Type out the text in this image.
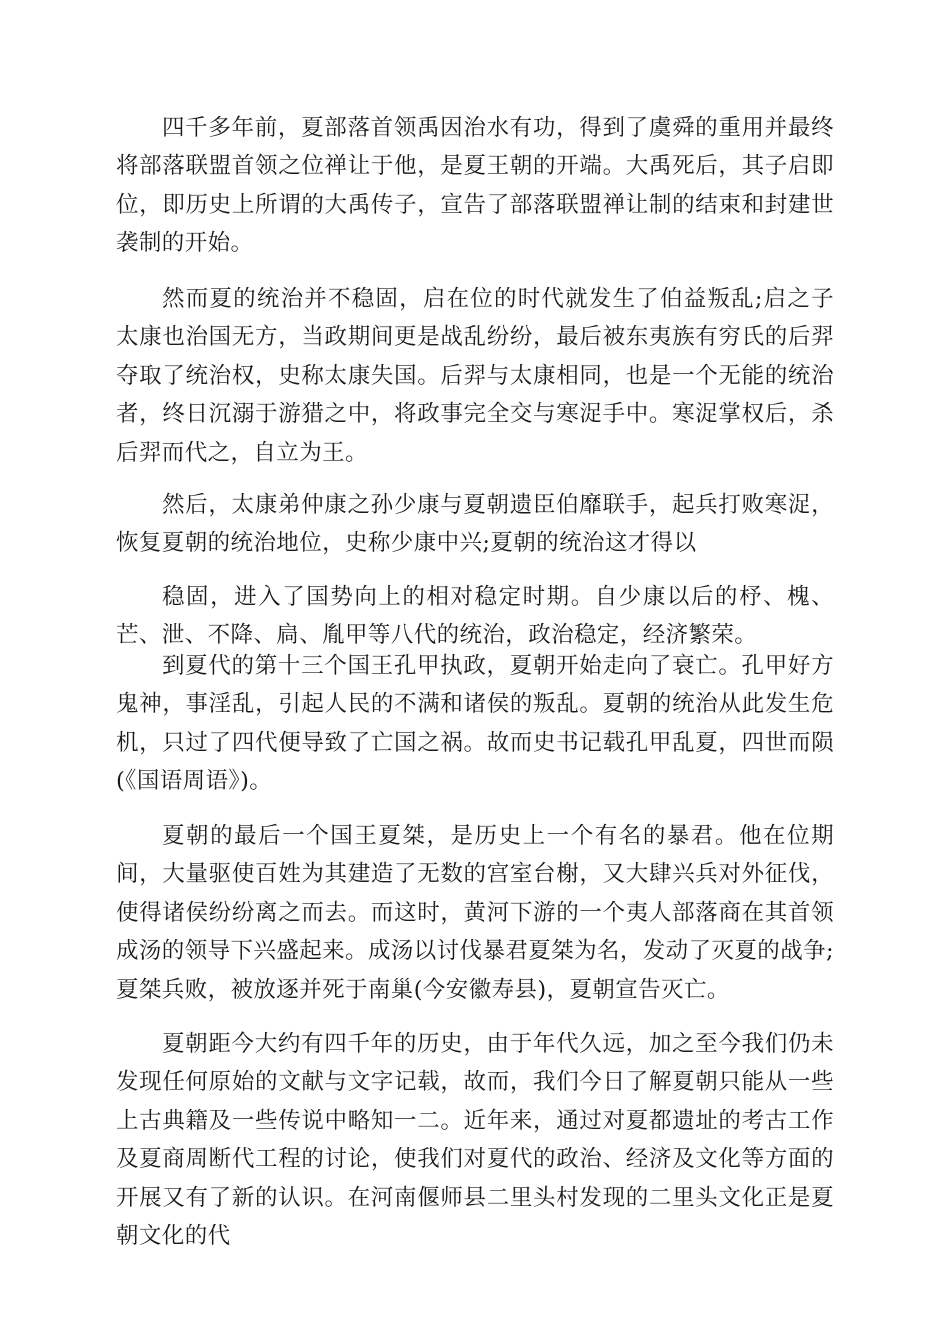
四千多年前，夏部落首领禹因治水有功，得到了虞舜的重用并最终将部落联盟首领之位禅让于他，是夏王朝的开端。大禹死后，其子启即位，即历史上所谓的大禹传子，宣告了部落联盟禅让制的结束和封建世袭制的开始。

然而夏的统治并不稳固，启在位的时代就发生了伯益叛乱;启之子太康也治国无方，当政期间更是战乱纷纷，最后被东夷族有穷氏的后羿夺取了统治权，史称太康失国。后羿与太康相同，也是一个无能的统治者，终日沉溺于游猎之中，将政事完全交与寒浞手中。寒浞掌权后，杀后羿而代之，自立为王。

然后，太康弟仲康之孙少康与夏朝遗臣伯靡联手，起兵打败寒浞，恢复夏朝的统治地位，史称少康中兴;夏朝的统治这才得以

稳固，进入了国势向上的相对稳定时期。自少康以后的杼、槐、芒、泄、不降、扃、胤甲等八代的统治，政治稳定，经济繁荣。

到夏代的第十三个国王孔甲执政，夏朝开始走向了衰亡。孔甲好方鬼神，事淫乱，引起人民的不满和诸侯的叛乱。夏朝的统治从此发生危机，只过了四代便导致了亡国之祸。故而史书记载孔甲乱夏，四世而陨(《国语周语》)。

夏朝的最后一个国王夏桀，是历史上一个有名的暴君。他在位期间，大量驱使百姓为其建造了无数的宫室台榭，又大肆兴兵对外征伐，使得诸侯纷纷离之而去。而这时，黄河下游的一个夷人部落商在其首领成汤的领导下兴盛起来。成汤以讨伐暴君夏桀为名，发动了灭夏的战争;夏桀兵败，被放逐并死于南巢(今安徽寿县)，夏朝宣告灭亡。

夏朝距今大约有四千年的历史，由于年代久远，加之至今我们仍未发现任何原始的文献与文字记载，故而，我们今日了解夏朝只能从一些上古典籍及一些传说中略知一二。近年来，通过对夏都遗址的考古工作及夏商周断代工程的讨论，使我们对夏代的政治、经济及文化等方面的开展又有了新的认识。在河南偃师县二里头村发现的二里头文化正是夏朝文化的代
